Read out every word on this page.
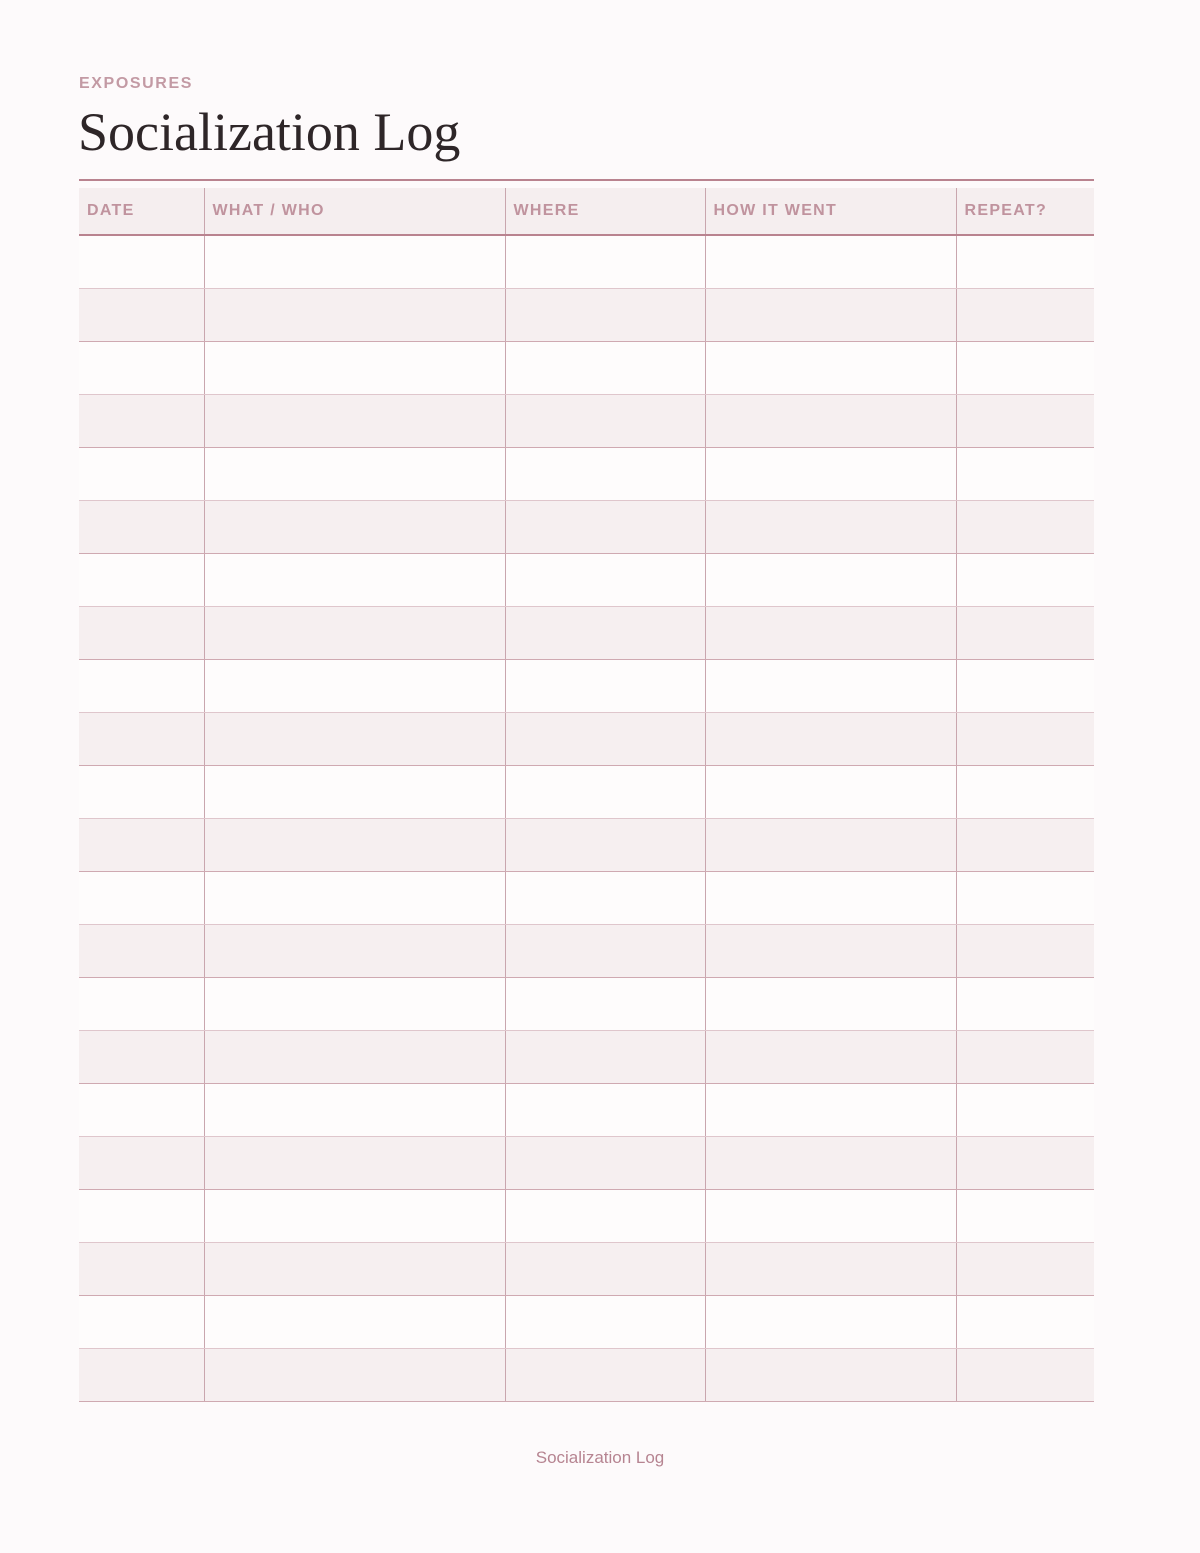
EXPOSURES
Socialization Log
DATE	WHAT / WHO	WHERE	HOW IT WENT	REPEAT?

Socialization Log
